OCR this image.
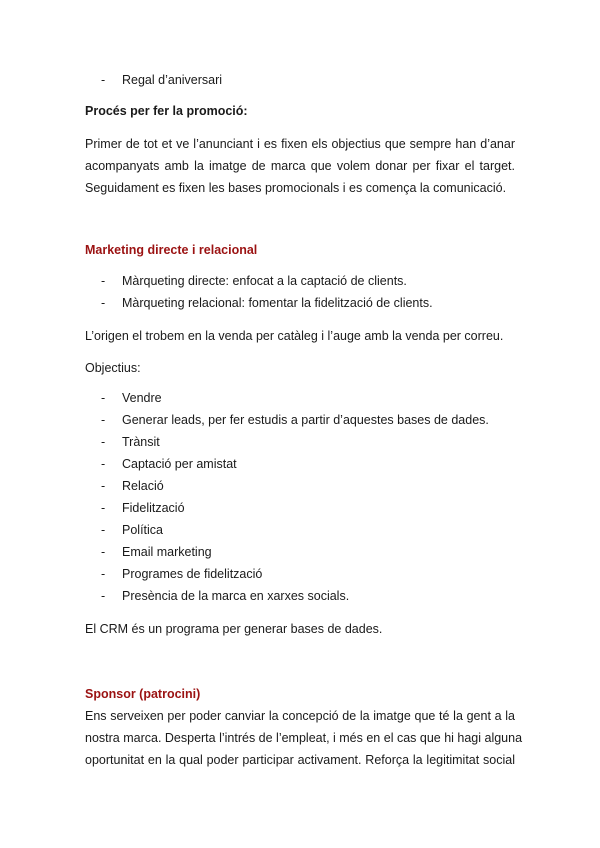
- Regal d’aniversari
Procés per fer la promoció:
Primer de tot et ve l’anunciant i es fixen els objectius que sempre han d’anar
acompanyats amb la imatge de marca que volem donar per fixar el target.
Seguidament es fixen les bases promocionals i es comença la comunicació.
Marketing directe i relacional
- Màrqueting directe: enfocat a la captació de clients.
- Màrqueting relacional: fomentar la fidelització de clients.
L’origen el trobem en la venda per catàleg i l’auge amb la venda per correu.
Objectius:
- Vendre
- Generar leads, per fer estudis a partir d’aquestes bases de dades.
- Trànsit
- Captació per amistat
- Relació
- Fidelització
- Política
- Email marketing
- Programes de fidelització
- Presència de la marca en xarxes socials.
El CRM és un programa per generar bases de dades.
Sponsor (patrocini)
Ens serveixen per poder canviar la concepció de la imatge que té la gent a la
nostra marca. Desperta l’intrés de l’empleat, i més en el cas que hi hagi alguna
oportunitat en la qual poder participar activament. Reforça la legitimitat social
